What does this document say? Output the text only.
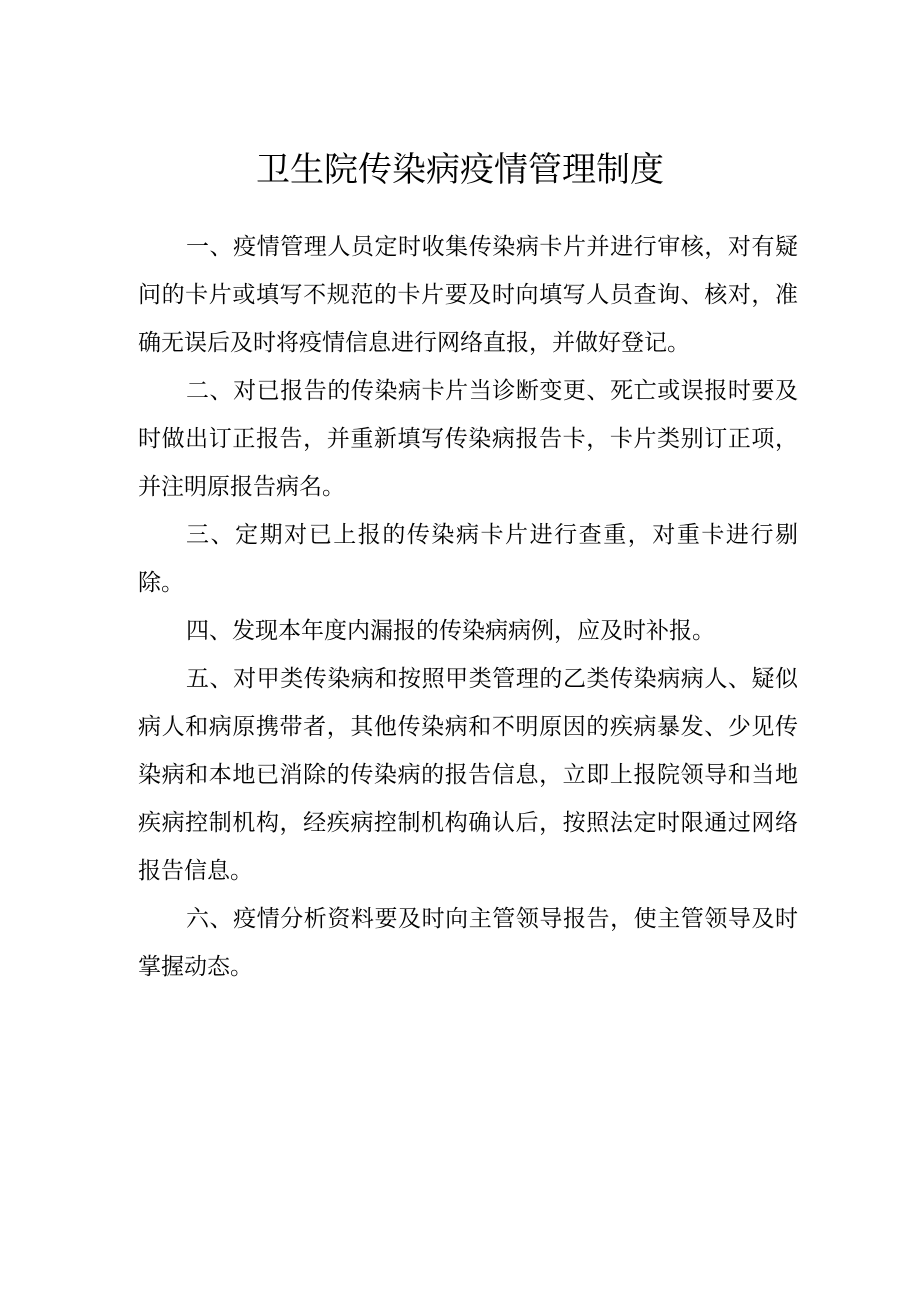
卫生院传染病疫情管理制度

一、疫情管理人员定时收集传染病卡片并进行审核，对有疑问的卡片或填写不规范的卡片要及时向填写人员查询、核对，准确无误后及时将疫情信息进行网络直报，并做好登记。

二、对已报告的传染病卡片当诊断变更、死亡或误报时要及时做出订正报告，并重新填写传染病报告卡，卡片类别订正项，并注明原报告病名。

三、定期对已上报的传染病卡片进行查重，对重卡进行剔除。

四、发现本年度内漏报的传染病病例，应及时补报。

五、对甲类传染病和按照甲类管理的乙类传染病病人、疑似病人和病原携带者，其他传染病和不明原因的疾病暴发、少见传染病和本地已消除的传染病的报告信息，立即上报院领导和当地疾病控制机构，经疾病控制机构确认后，按照法定时限通过网络报告信息。

六、疫情分析资料要及时向主管领导报告，使主管领导及时掌握动态。
